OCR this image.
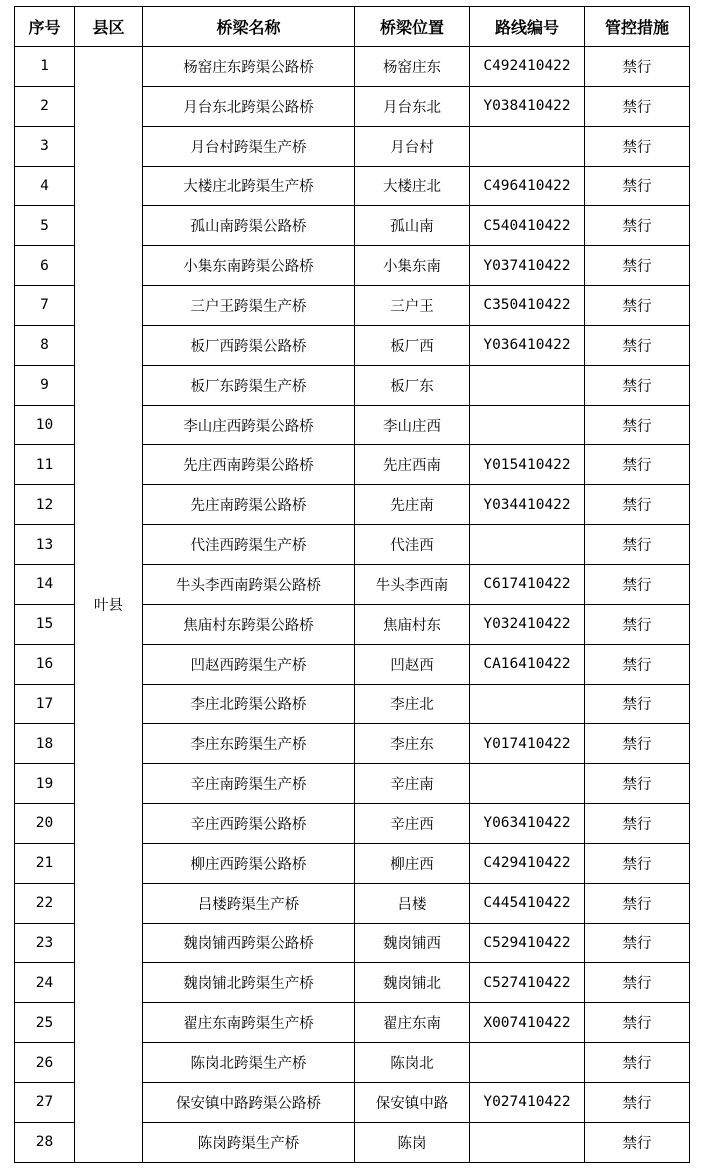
序号	县区	桥梁名称	桥梁位置	路线编号	管控措施
1	叶县	杨窑庄东跨渠公路桥	杨窑庄东	C492410422	禁行
2		月台东北跨渠公路桥	月台东北	Y038410422	禁行
3		月台村跨渠生产桥	月台村		禁行
4		大楼庄北跨渠生产桥	大楼庄北	C496410422	禁行
5		孤山南跨渠公路桥	孤山南	C540410422	禁行
6		小集东南跨渠公路桥	小集东南	Y037410422	禁行
7		三户王跨渠生产桥	三户王	C350410422	禁行
8		板厂西跨渠公路桥	板厂西	Y036410422	禁行
9		板厂东跨渠生产桥	板厂东		禁行
10		李山庄西跨渠公路桥	李山庄西		禁行
11		先庄西南跨渠公路桥	先庄西南	Y015410422	禁行
12		先庄南跨渠公路桥	先庄南	Y034410422	禁行
13		代洼西跨渠生产桥	代洼西		禁行
14		牛头李西南跨渠公路桥	牛头李西南	C617410422	禁行
15		焦庙村东跨渠公路桥	焦庙村东	Y032410422	禁行
16		凹赵西跨渠生产桥	凹赵西	CA16410422	禁行
17		李庄北跨渠公路桥	李庄北		禁行
18		李庄东跨渠生产桥	李庄东	Y017410422	禁行
19		辛庄南跨渠生产桥	辛庄南		禁行
20		辛庄西跨渠公路桥	辛庄西	Y063410422	禁行
21		柳庄西跨渠公路桥	柳庄西	C429410422	禁行
22		吕楼跨渠生产桥	吕楼	C445410422	禁行
23		魏岗铺西跨渠公路桥	魏岗铺西	C529410422	禁行
24		魏岗铺北跨渠生产桥	魏岗铺北	C527410422	禁行
25		翟庄东南跨渠生产桥	翟庄东南	X007410422	禁行
26		陈岗北跨渠生产桥	陈岗北		禁行
27		保安镇中路跨渠公路桥	保安镇中路	Y027410422	禁行
28		陈岗跨渠生产桥	陈岗		禁行
